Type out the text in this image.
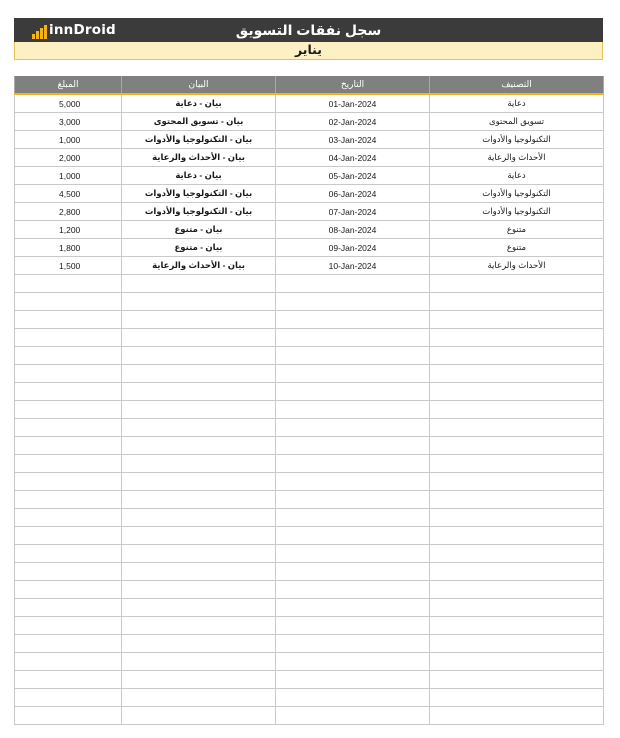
innDroid	سجل نفقات التسويق
يناير
المبلغ	البيان	التاريخ	التصنيف
5,000	بيان - دعاية	01-Jan-2024	دعاية
3,000	بيان - تسويق المحتوى	02-Jan-2024	تسويق المحتوى
1,000	بيان - التكنولوجيا والأدوات	03-Jan-2024	التكنولوجيا والأدوات
2,000	بيان - الأحداث والرعاية	04-Jan-2024	الأحداث والرعاية
1,000	بيان - دعاية	05-Jan-2024	دعاية
4,500	بيان - التكنولوجيا والأدوات	06-Jan-2024	التكنولوجيا والأدوات
2,800	بيان - التكنولوجيا والأدوات	07-Jan-2024	التكنولوجيا والأدوات
1,200	بيان - متنوع	08-Jan-2024	متنوع
1,800	بيان - متنوع	09-Jan-2024	متنوع
1,500	بيان - الأحداث والرعاية	10-Jan-2024	الأحداث والرعاية
